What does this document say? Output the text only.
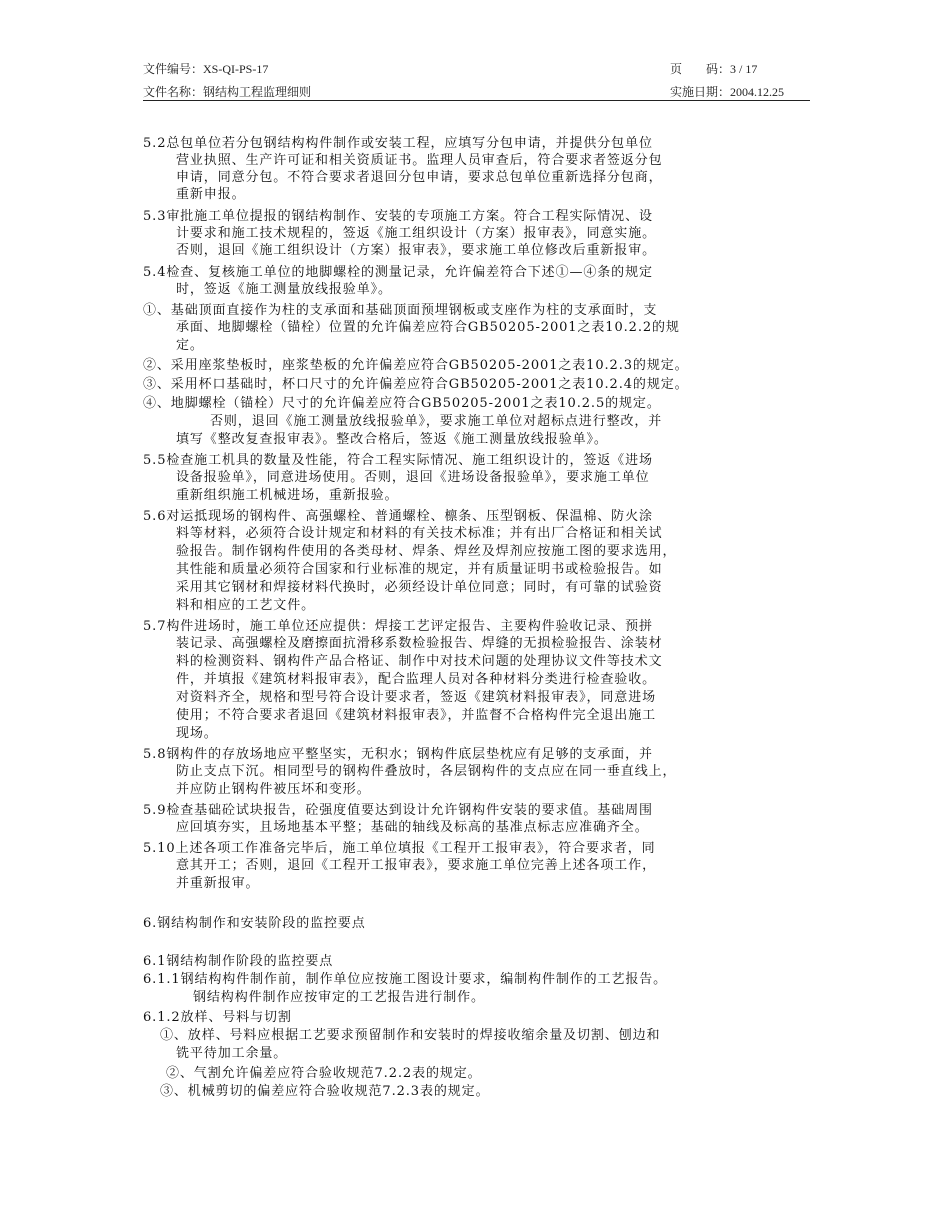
文件编号：XS-QI-PS-17	页　　码：3 / 17
文件名称：钢结构工程监理细则	实施日期：2004.12.25
5.2总包单位若分包钢结构构件制作或安装工程，应填写分包申请，并提供分包单位
营业执照、生产许可证和相关资质证书。监理人员审查后，符合要求者签返分包
申请，同意分包。不符合要求者退回分包申请，要求总包单位重新选择分包商，
重新申报。
5.3审批施工单位提报的钢结构制作、安装的专项施工方案。符合工程实际情况、设
计要求和施工技术规程的，签返《施工组织设计（方案）报审表》，同意实施。
否则，退回《施工组织设计（方案）报审表》，要求施工单位修改后重新报审。
5.4检查、复核施工单位的地脚螺栓的测量记录，允许偏差符合下述①—④条的规定
时，签返《施工测量放线报验单》。
①、基础顶面直接作为柱的支承面和基础顶面预埋钢板或支座作为柱的支承面时，支
承面、地脚螺栓（锚栓）位置的允许偏差应符合GB50205-2001之表10.2.2的规
定。
②、采用座浆垫板时，座浆垫板的允许偏差应符合GB50205-2001之表10.2.3的规定。
③、采用杯口基础时，杯口尺寸的允许偏差应符合GB50205-2001之表10.2.4的规定。
④、地脚螺栓（锚栓）尺寸的允许偏差应符合GB50205-2001之表10.2.5的规定。
否则，退回《施工测量放线报验单》，要求施工单位对超标点进行整改，并
填写《整改复查报审表》。整改合格后，签返《施工测量放线报验单》。
5.5检查施工机具的数量及性能，符合工程实际情况、施工组织设计的，签返《进场
设备报验单》，同意进场使用。否则，退回《进场设备报验单》，要求施工单位
重新组织施工机械进场，重新报验。
5.6对运抵现场的钢构件、高强螺栓、普通螺栓、檩条、压型钢板、保温棉、防火涂
料等材料，必须符合设计规定和材料的有关技术标准；并有出厂合格证和相关试
验报告。制作钢构件使用的各类母材、焊条、焊丝及焊剂应按施工图的要求选用，
其性能和质量必须符合国家和行业标准的规定，并有质量证明书或检验报告。如
采用其它钢材和焊接材料代换时，必须经设计单位同意；同时，有可靠的试验资
料和相应的工艺文件。
5.7构件进场时，施工单位还应提供：焊接工艺评定报告、主要构件验收记录、预拼
装记录、高强螺栓及磨擦面抗滑移系数检验报告、焊缝的无损检验报告、涂装材
料的检测资料、钢构件产品合格证、制作中对技术问题的处理协议文件等技术文
件，并填报《建筑材料报审表》，配合监理人员对各种材料分类进行检查验收。
对资料齐全，规格和型号符合设计要求者，签返《建筑材料报审表》，同意进场
使用；不符合要求者退回《建筑材料报审表》，并监督不合格构件完全退出施工
现场。
5.8钢构件的存放场地应平整坚实，无积水；钢构件底层垫枕应有足够的支承面，并
防止支点下沉。相同型号的钢构件叠放时，各层钢构件的支点应在同一垂直线上，
并应防止钢构件被压坏和变形。
5.9检查基础砼试块报告，砼强度值要达到设计允许钢构件安装的要求值。基础周围
应回填夯实，且场地基本平整；基础的轴线及标高的基准点标志应准确齐全。
5.10上述各项工作准备完毕后，施工单位填报《工程开工报审表》，符合要求者，同
意其开工；否则，退回《工程开工报审表》，要求施工单位完善上述各项工作，
并重新报审。
6.钢结构制作和安装阶段的监控要点
6.1钢结构制作阶段的监控要点
6.1.1钢结构构件制作前，制作单位应按施工图设计要求，编制构件制作的工艺报告。
钢结构构件制作应按审定的工艺报告进行制作。
6.1.2放样、号料与切割
①、放样、号料应根据工艺要求预留制作和安装时的焊接收缩余量及切割、刨边和
铣平待加工余量。
②、气割允许偏差应符合验收规范7.2.2表的规定。
③、机械剪切的偏差应符合验收规范7.2.3表的规定。
